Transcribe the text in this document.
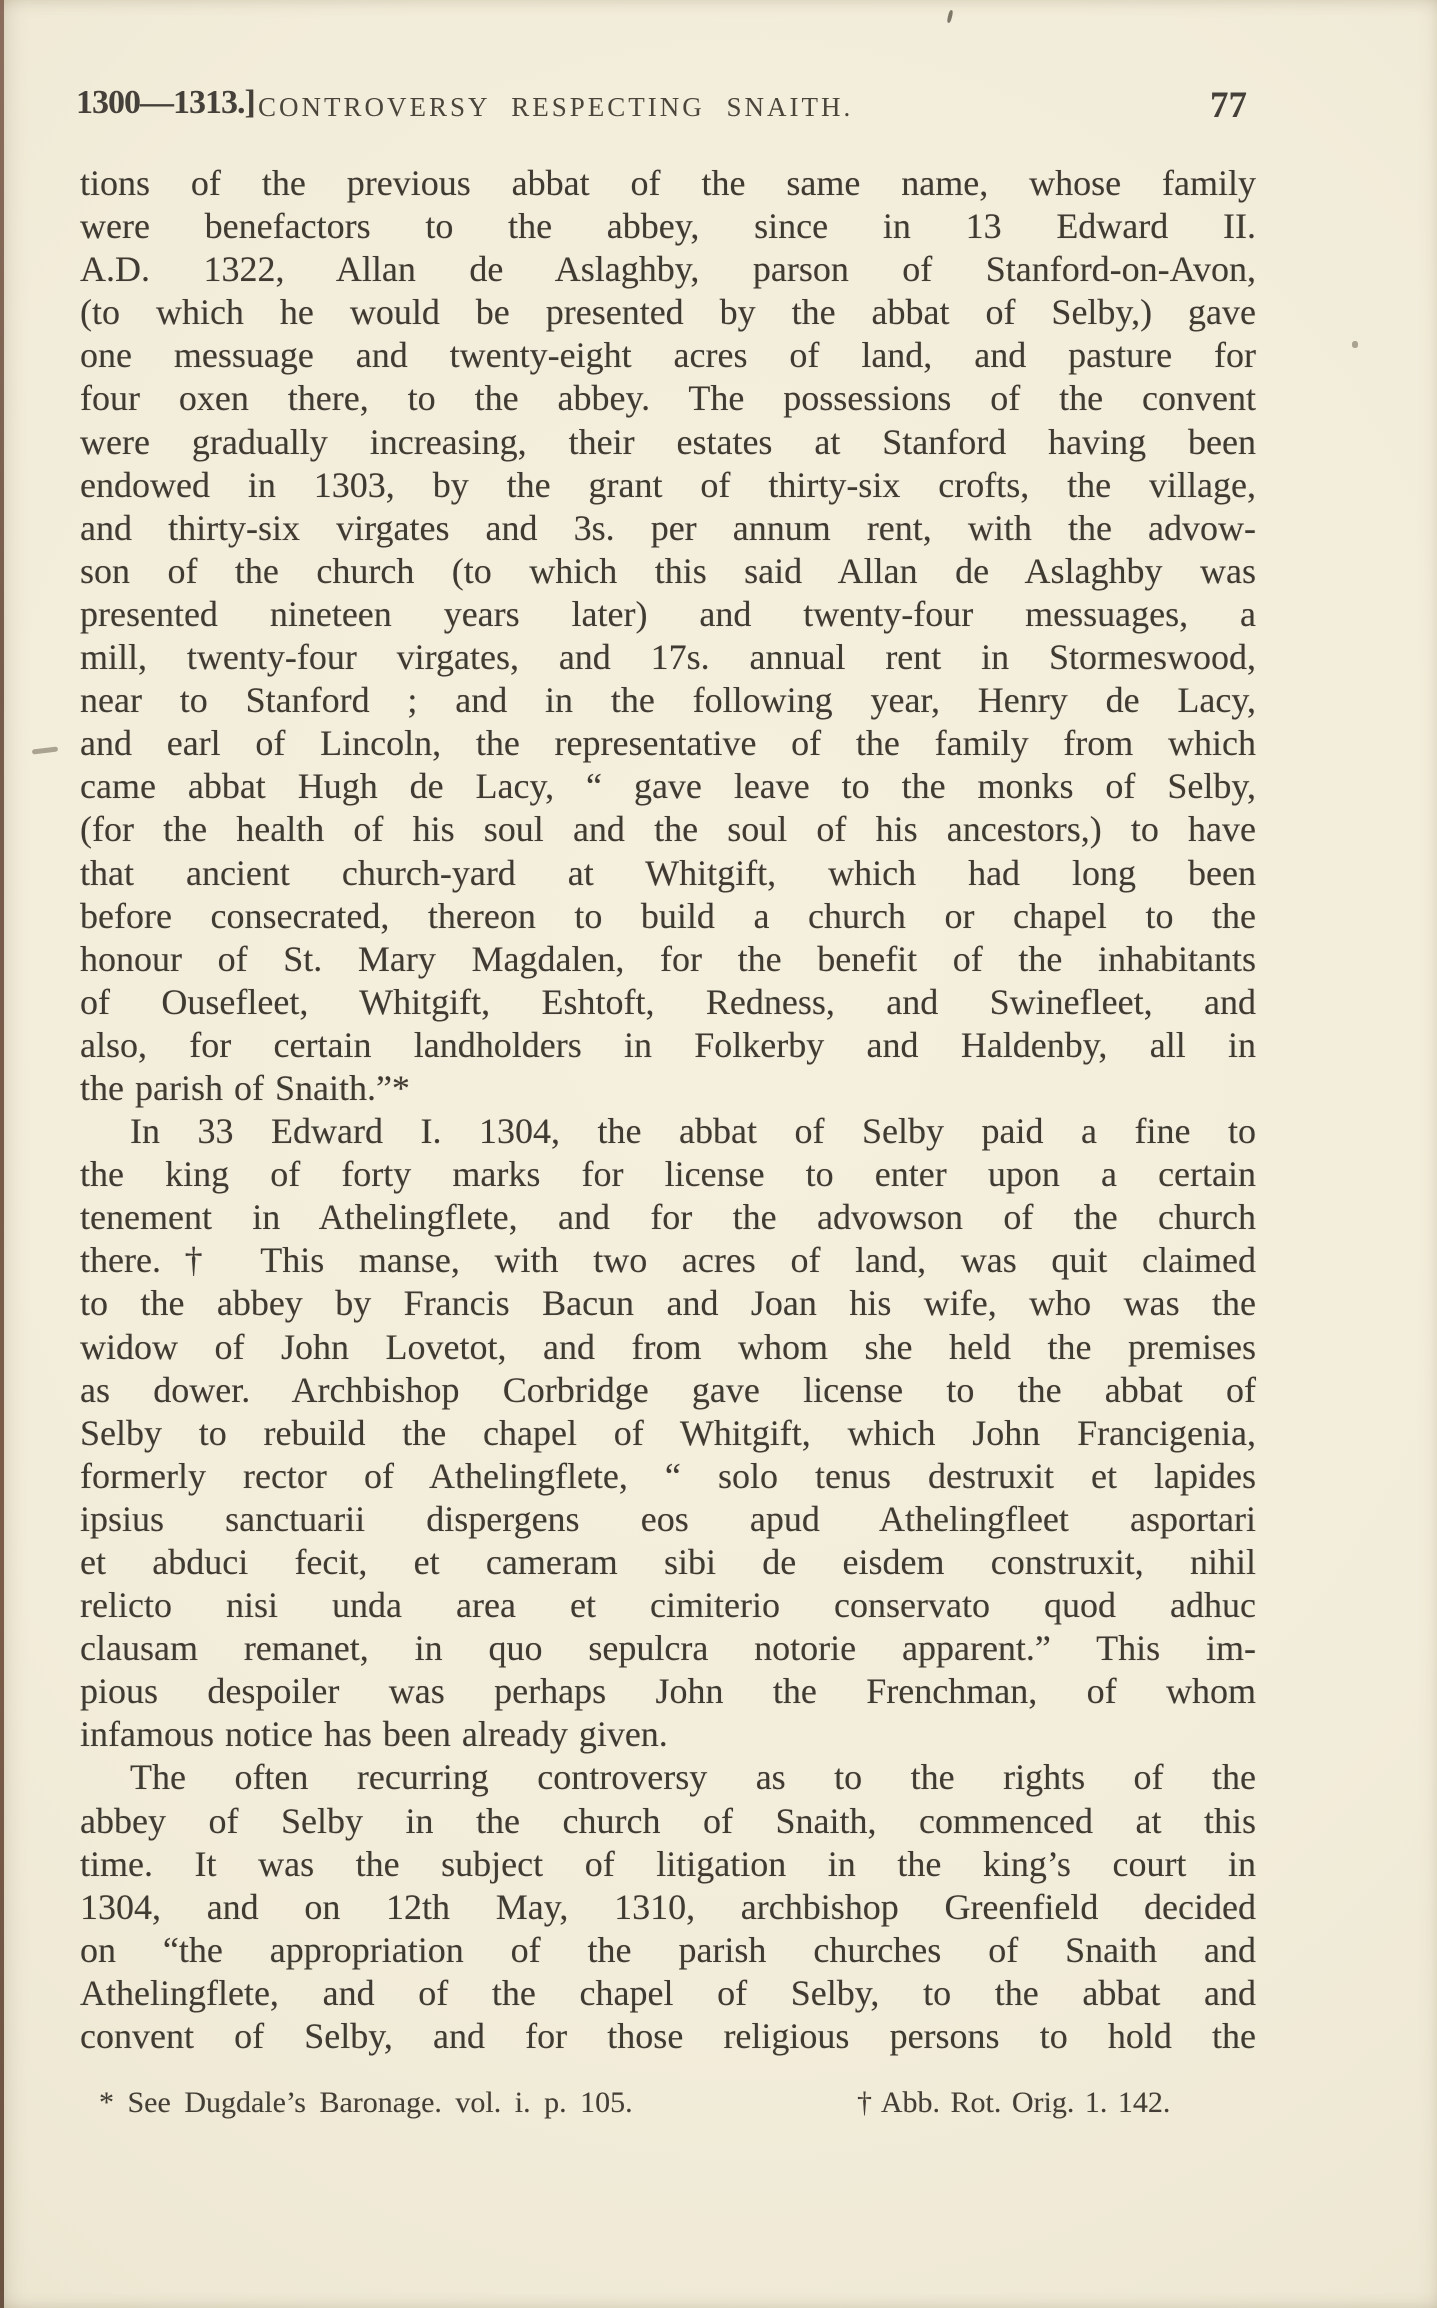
1300—1313.] CONTROVERSY RESPECTING SNAITH.	77
tions of the previous abbat of the same name, whose family
were benefactors to the abbey, since in 13 Edward II.
A.D. 1322, Allan de Aslaghby, parson of Stanford-on-Avon,
(to which he would be presented by the abbat of Selby,) gave
one messuage and twenty-eight acres of land, and pasture for
four oxen there, to the abbey. The possessions of the convent
were gradually increasing, their estates at Stanford having been
endowed in 1303, by the grant of thirty-six crofts, the village,
and thirty-six virgates and 3s. per annum rent, with the advow-
son of the church (to which this said Allan de Aslaghby was
presented nineteen years later) and twenty-four messuages, a
mill, twenty-four virgates, and 17s. annual rent in Stormeswood,
near to Stanford ; and in the following year, Henry de Lacy,
and earl of Lincoln, the representative of the family from which
came abbat Hugh de Lacy, “ gave leave to the monks of Selby,
(for the health of his soul and the soul of his ancestors,) to have
that ancient church-yard at Whitgift, which had long been
before consecrated, thereon to build a church or chapel to the
honour of St. Mary Magdalen, for the benefit of the inhabitants
of Ousefleet, Whitgift, Eshtoft, Redness, and Swinefleet, and
also, for certain landholders in Folkerby and Haldenby, all in
the parish of Snaith.”*
In 33 Edward I. 1304, the abbat of Selby paid a fine to
the king of forty marks for license to enter upon a certain
tenement in Athelingflete, and for the advowson of the church
there.† This manse, with two acres of land, was quit claimed
to the abbey by Francis Bacun and Joan his wife, who was the
widow of John Lovetot, and from whom she held the premises
as dower. Archbishop Corbridge gave license to the abbat of
Selby to rebuild the chapel of Whitgift, which John Francigenia,
formerly rector of Athelingflete, “ solo tenus destruxit et lapides
ipsius sanctuarii dispergens eos apud Athelingfleet asportari
et abduci fecit, et cameram sibi de eisdem construxit, nihil
relicto nisi unda area et cimiterio conservato quod adhuc
clausam remanet, in quo sepulcra notorie apparent.” This im-
pious despoiler was perhaps John the Frenchman, of whom
infamous notice has been already given.
The often recurring controversy as to the rights of the
abbey of Selby in the church of Snaith, commenced at this
time. It was the subject of litigation in the king’s court in
1304, and on 12th May, 1310, archbishop Greenfield decided
on “the appropriation of the parish churches of Snaith and
Athelingflete, and of the chapel of Selby, to the abbat and
convent of Selby, and for those religious persons to hold the
* See Dugdale’s Baronage. vol. i. p. 105.	† Abb. Rot. Orig. 1. 142.
